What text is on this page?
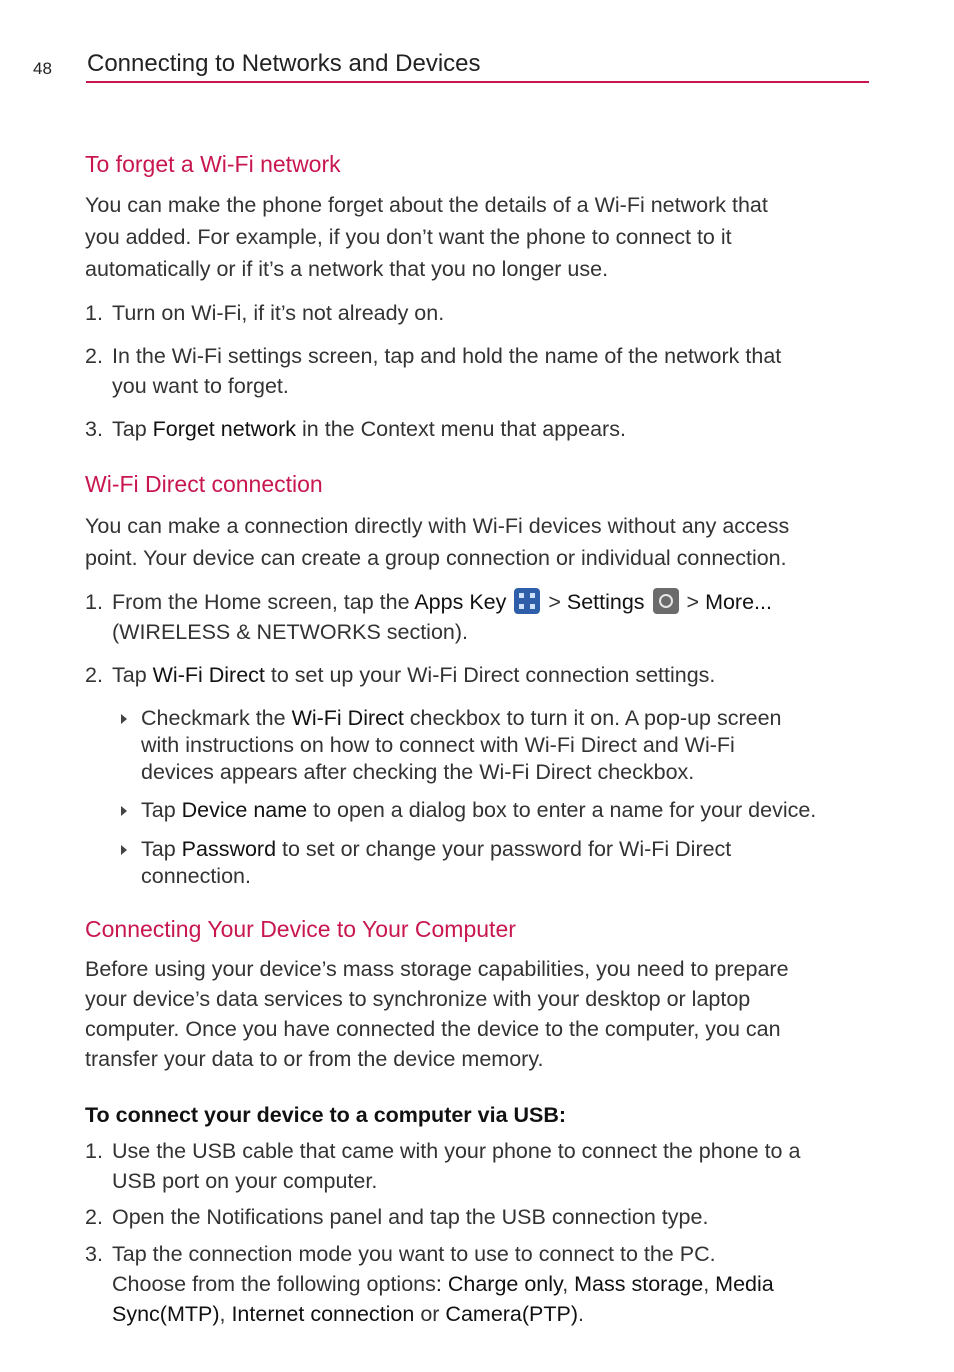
48 Connecting to Networks and Devices
To forget a Wi-Fi network
You can make the phone forget about the details of a Wi-Fi network that
you added. For example, if you don’t want the phone to connect to it
automatically or if it’s a network that you no longer use.
1. Turn on Wi-Fi, if it’s not already on.
2. In the Wi-Fi settings screen, tap and hold the name of the network that
you want to forget.
3. Tap Forget network in the Context menu that appears.
Wi-Fi Direct connection
You can make a connection directly with Wi-Fi devices without any access
point. Your device can create a group connection or individual connection.
1. From the Home screen, tap the Apps Key
> Settings  > More...
(WIRELESS & NETWORKS section).
2. Tap Wi-Fi Direct to set up your Wi-Fi Direct connection settings.
Checkmark the Wi-Fi Direct checkbox to turn it on. A pop-up screen
with instructions on how to connect with Wi-Fi Direct and Wi-Fi
devices appears after checking the Wi-Fi Direct checkbox.
Tap Device name to open a dialog box to enter a name for your device.
Tap Password to set or change your password for Wi-Fi Direct
connection.
Connecting Your Device to Your Computer
Before using your device’s mass storage capabilities, you need to prepare
your device’s data services to synchronize with your desktop or laptop
computer. Once you have connected the device to the computer, you can
transfer your data to or from the device memory.
To connect your device to a computer via USB:
1. Use the USB cable that came with your phone to connect the phone to a
USB port on your computer.
2. Open the Notifications panel and tap the USB connection type.
3. Tap the connection mode you want to use to connect to the PC.
Choose from the following options: Charge only, Mass storage, Media
Sync(MTP), Internet connection or Camera(PTP).
